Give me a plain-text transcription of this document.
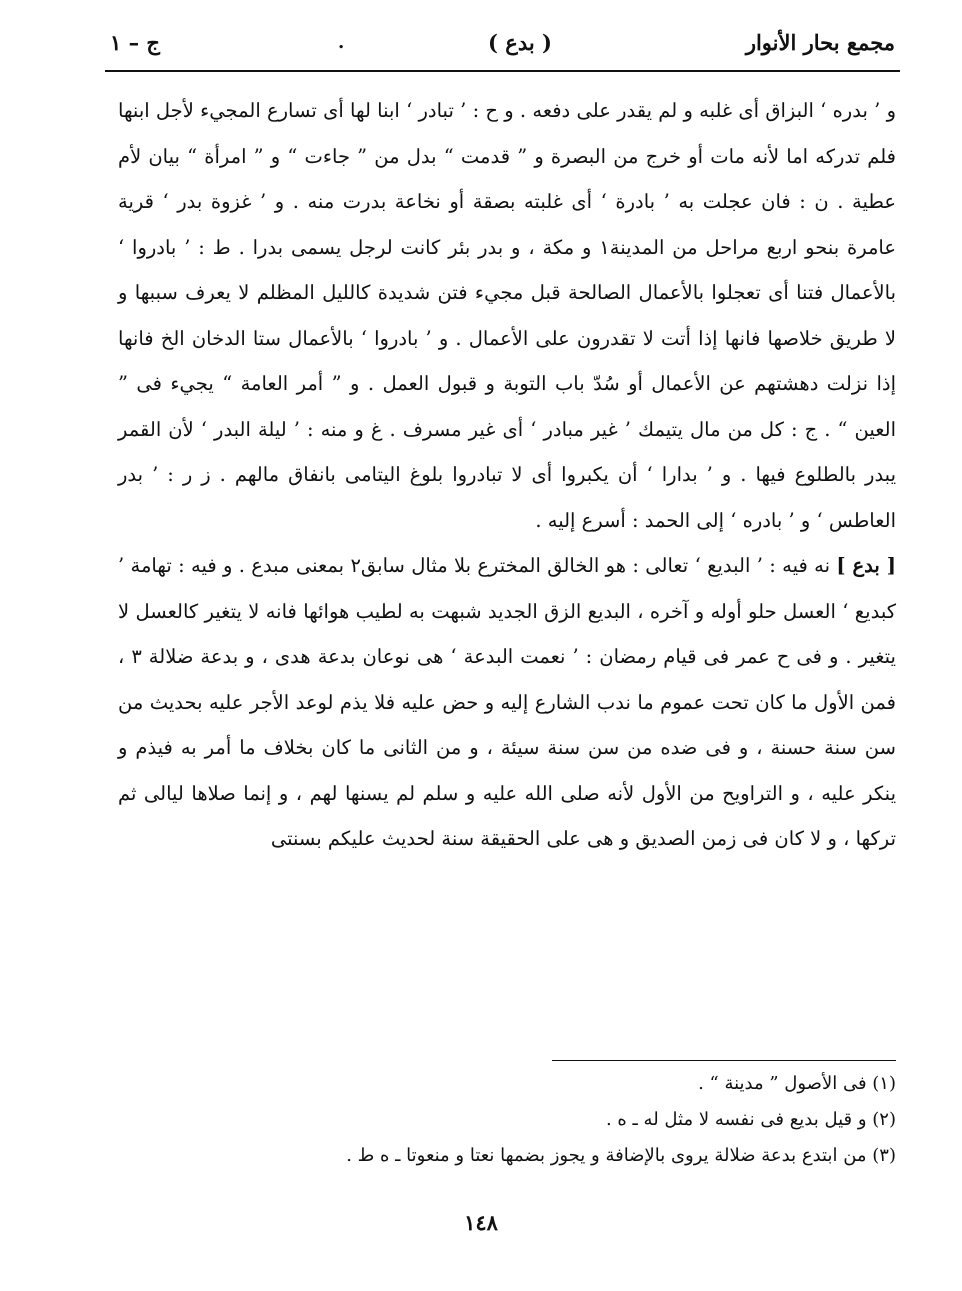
مجمع بحار الأنوار
( بدع )
.
ج – ١

و ’ بدره ‘ البزاق أى غلبه و لم يقدر على دفعه . و ح : ’ تبادر ‘ ابنا لها أى تسارع المجيء لأجل ابنها فلم تدركه اما لأنه مات أو خرج من البصرة و ” قدمت “ بدل من ” جاءت “ و ” امرأة “ بيان لأم عطية . ن : فان عجلت به ’ بادرة ‘ أى غلبته بصقة أو نخاعة بدرت منه . و ’ غزوة بدر ‘ قرية عامرة بنحو اربع مراحل من المدينة١ و مكة ، و بدر بئر كانت لرجل يسمى بدرا . ط : ’ بادروا ‘ بالأعمال فتنا أى تعجلوا بالأعمال الصالحة قبل مجيء فتن شديدة كالليل المظلم لا يعرف سببها و لا طريق خلاصها فانها إذا أتت لا تقدرون على الأعمال . و ’ بادروا ‘ بالأعمال ستا الدخان الخ فانها إذا نزلت دهشتهم عن الأعمال أو سُدّ باب التوبة و قبول العمل . و ” أمر العامة “ يجيء فى ” العين “ . ج : كل من مال يتيمك ’ غير مبادر ‘ أى غير مسرف . غ و منه : ’ ليلة البدر ‘ لأن القمر يبدر بالطلوع فيها . و ’ بدارا ‘ أن يكبروا أى لا تبادروا بلوغ اليتامى بانفاق مالهم . ز ر : ’ بدر العاطس ‘ و ’ بادره ‘ إلى الحمد : أسرع إليه .

[ بدع ] نه فيه : ’ البديع ‘ تعالى : هو الخالق المخترع بلا مثال سابق٢ بمعنى مبدع . و فيه : تهامة ’ كبديع ‘ العسل حلو أوله و آخره ، البديع الزق الجديد شبهت به لطيب هوائها فانه لا يتغير كالعسل لا يتغير . و فى ح عمر فى قيام رمضان : ’ نعمت البدعة ‘ هى نوعان بدعة هدى ، و بدعة ضلالة ٣ ، فمن الأول ما كان تحت عموم ما ندب الشارع إليه و حض عليه فلا يذم لوعد الأجر عليه بحديث من سن سنة حسنة ، و فى ضده من سن سنة سيئة ، و من الثانى ما كان بخلاف ما أمر به فيذم و ينكر عليه ، و التراويح من الأول لأنه صلى الله عليه و سلم لم يسنها لهم ، و إنما صلاها ليالى ثم تركها ، و لا كان فى زمن الصديق و هى على الحقيقة سنة لحديث عليكم بسنتى

(١) فى الأصول ” مدينة “ .
(٢) و قيل بديع فى نفسه لا مثل له ـ ه .
(٣) من ابتدع بدعة ضلالة يروى بالإضافة و يجوز بضمها نعتا و منعوتا ـ ه ط .
١٤٨
